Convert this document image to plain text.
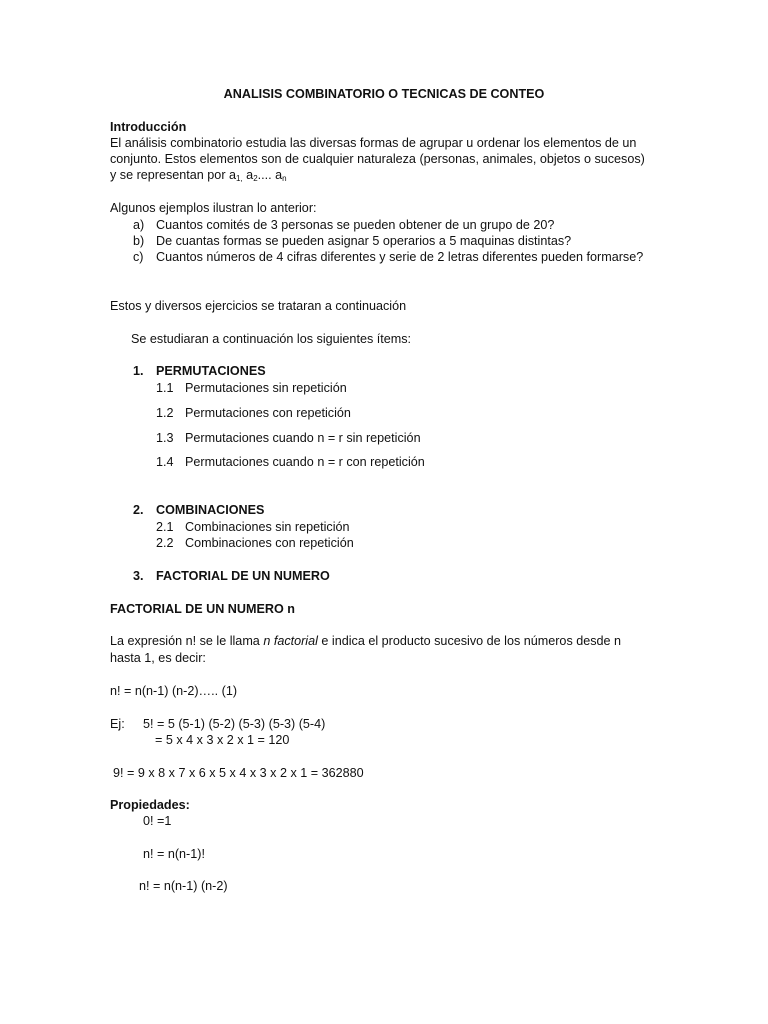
ANALISIS COMBINATORIO O TECNICAS DE CONTEO
Introducción
El análisis combinatorio estudia las diversas formas de agrupar u ordenar los elementos de un
conjunto. Estos elementos son de cualquier naturaleza (personas, animales, objetos o sucesos)
y se representan por $a_{1,}$ $a_2$.... $a_n$
Algunos ejemplos ilustran lo anterior:
a) Cuantos comités de 3 personas se pueden obtener de un grupo de 20?
b) De cuantas formas se pueden asignar 5 operarios a 5 maquinas distintas?
c) Cuantos números de 4 cifras diferentes y serie de 2 letras diferentes pueden formarse?
Estos y diversos ejercicios se trataran a continuación
Se estudiaran a continuación los siguientes ítems:
1. PERMUTACIONES
1.1 Permutaciones sin repetición
1.2 Permutaciones con repetición
1.3 Permutaciones cuando n = r sin repetición
1.4 Permutaciones cuando n = r con repetición
2. COMBINACIONES
2.1 Combinaciones sin repetición
2.2 Combinaciones con repetición
3. FACTORIAL DE UN NUMERO
FACTORIAL DE UN NUMERO n
La expresión n! se le llama n factorial e indica el producto sucesivo de los números desde n
hasta 1, es decir:
n! = n(n-1) (n-2)….. (1)
Ej: 5! = 5 (5-1) (5-2) (5-3) (5-3) (5-4)
= 5 x 4 x 3 x 2 x 1 = 120
9! = 9 x 8 x 7 x 6 x 5 x 4 x 3 x 2 x 1 = 362880
Propiedades:
0! =1
n! = n(n-1)!
n! = n(n-1) (n-2)
